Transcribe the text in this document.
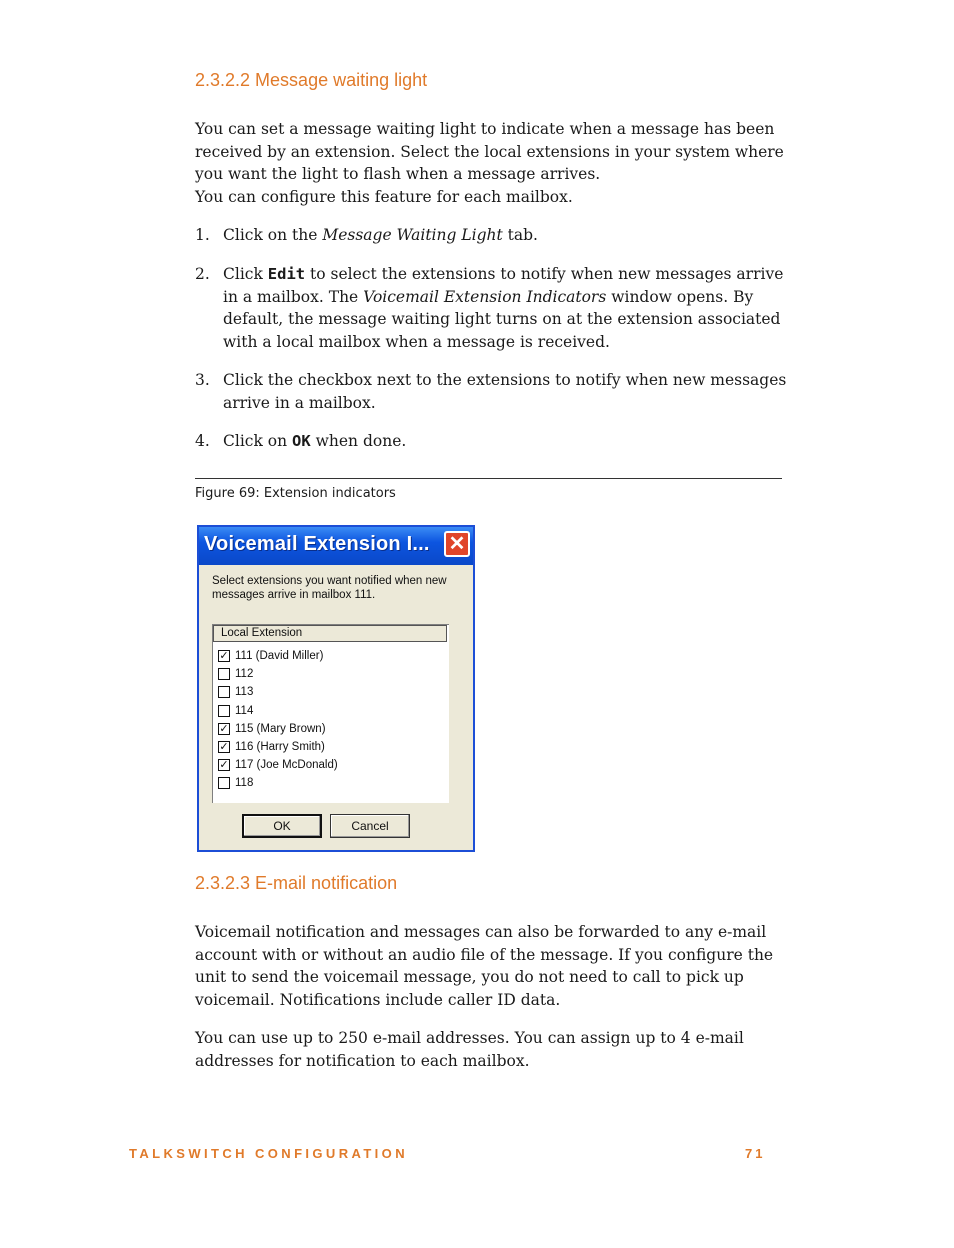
2.3.2.2 Message waiting light
You can set a message waiting light to indicate when a message has been
received by an extension. Select the local extensions in your system where
you want the light to flash when a message arrives.
You can configure this feature for each mailbox.
1. Click on the Message Waiting Light tab.
2. Click Edit to select the extensions to notify when new messages arrive in a mailbox. The Voicemail Extension Indicators window opens. By default, the message waiting light turns on at the extension associated with a local mailbox when a message is received.
3. Click the checkbox next to the extensions to notify when new messages arrive in a mailbox.
4. Click on OK when done.
Figure 69: Extension indicators
Voicemail Extension I... ✕
Select extensions you want notified when new
messages arrive in mailbox 111.
Local Extension
✓ 111 (David Miller)
112
113
114
✓ 115 (Mary Brown)
✓ 116 (Harry Smith)
✓ 117 (Joe McDonald)
118
OK	Cancel
2.3.2.3 E-mail notification
Voicemail notification and messages can also be forwarded to any e-mail
account with or without an audio file of the message. If you configure the
unit to send the voicemail message, you do not need to call to pick up
voicemail. Notifications include caller ID data.
You can use up to 250 e-mail addresses. You can assign up to 4 e-mail
addresses for notification to each mailbox.
TALKSWITCH CONFIGURATION	71
